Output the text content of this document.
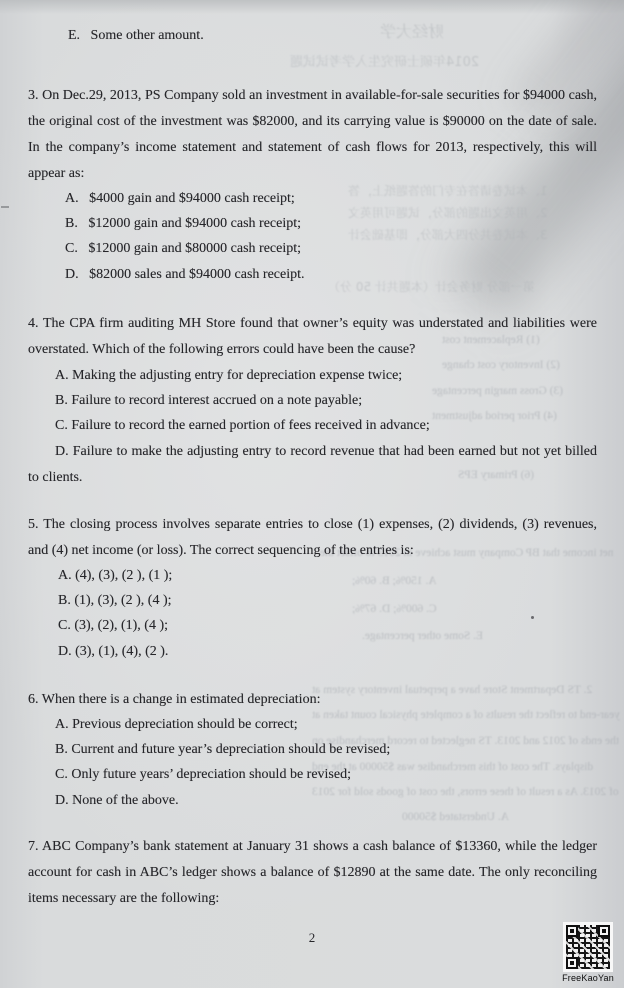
财经大学
2014年硕士研究生入学考试试题
1、本试卷请答在专门的答题纸上，答
2、用英文出题的部分，试题可用英文
3、本试卷共分四大部分，即基础会计
第一部分 财务会计（本题共计 50 分）
(1) Replacement cost
(2) Inventory cost change
(3) Gross margin percentage
(4) Prior period adjustment
(6) Primary EPS
net income that BP Company must achieve in 2013 to offset the
A. 150%; B. 60%;
C. 600%; D. 67%;
E. Some other percentage.
2. TS Department Store have a perpetual inventory system at
year-end to reflect the results of a complete physical count taken at
the ends of 2012 and 2013. TS neglected to record merchandise on
displays. The cost of this merchandise was $50000 at the end
of 2013. As a result of these errors, the cost of goods sold for 2013
A. Understated $50000
E.   Some other amount.
3. On Dec.29, 2013, PS Company sold an investment in available-for-sale securities for $94000 cash, the original cost of the investment was $82000, and its carrying value is $90000 on the date of sale. In the company’s income statement and statement of cash flows for 2013, respectively, this will appear as:
A.   $4000 gain and $94000 cash receipt;
B.   $12000 gain and $94000 cash receipt;
C.   $12000 gain and $80000 cash receipt;
D.   $82000 sales and $94000 cash receipt.
4. The CPA firm auditing MH Store found that owner’s equity was understated and liabilities were overstated. Which of the following errors could have been the cause?
A. Making the adjusting entry for depreciation expense twice;
B. Failure to record interest accrued on a note payable;
C. Failure to record the earned portion of fees received in advance;
D. Failure to make the adjusting entry to record revenue that had been earned but not yet billed to clients.
5. The closing process involves separate entries to close (1) expenses, (2) dividends, (3) revenues, and (4) net income (or loss). The correct sequencing of the entries is:
A. (4), (3), (2 ), (1 );
B. (1), (3), (2 ), (4 );
C. (3), (2), (1), (4 );
D. (3), (1), (4), (2 ).
6. When there is a change in estimated depreciation:
A. Previous depreciation should be correct;
B. Current and future year’s depreciation should be revised;
C. Only future years’ depreciation should be revised;
D. None of the above.
7. ABC Company’s bank statement at January 31 shows a cash balance of $13360, while the ledger account for cash in ABC’s ledger shows a balance of $12890 at the same date. The only reconciling items necessary are the following:
2
FreeKaoYan
